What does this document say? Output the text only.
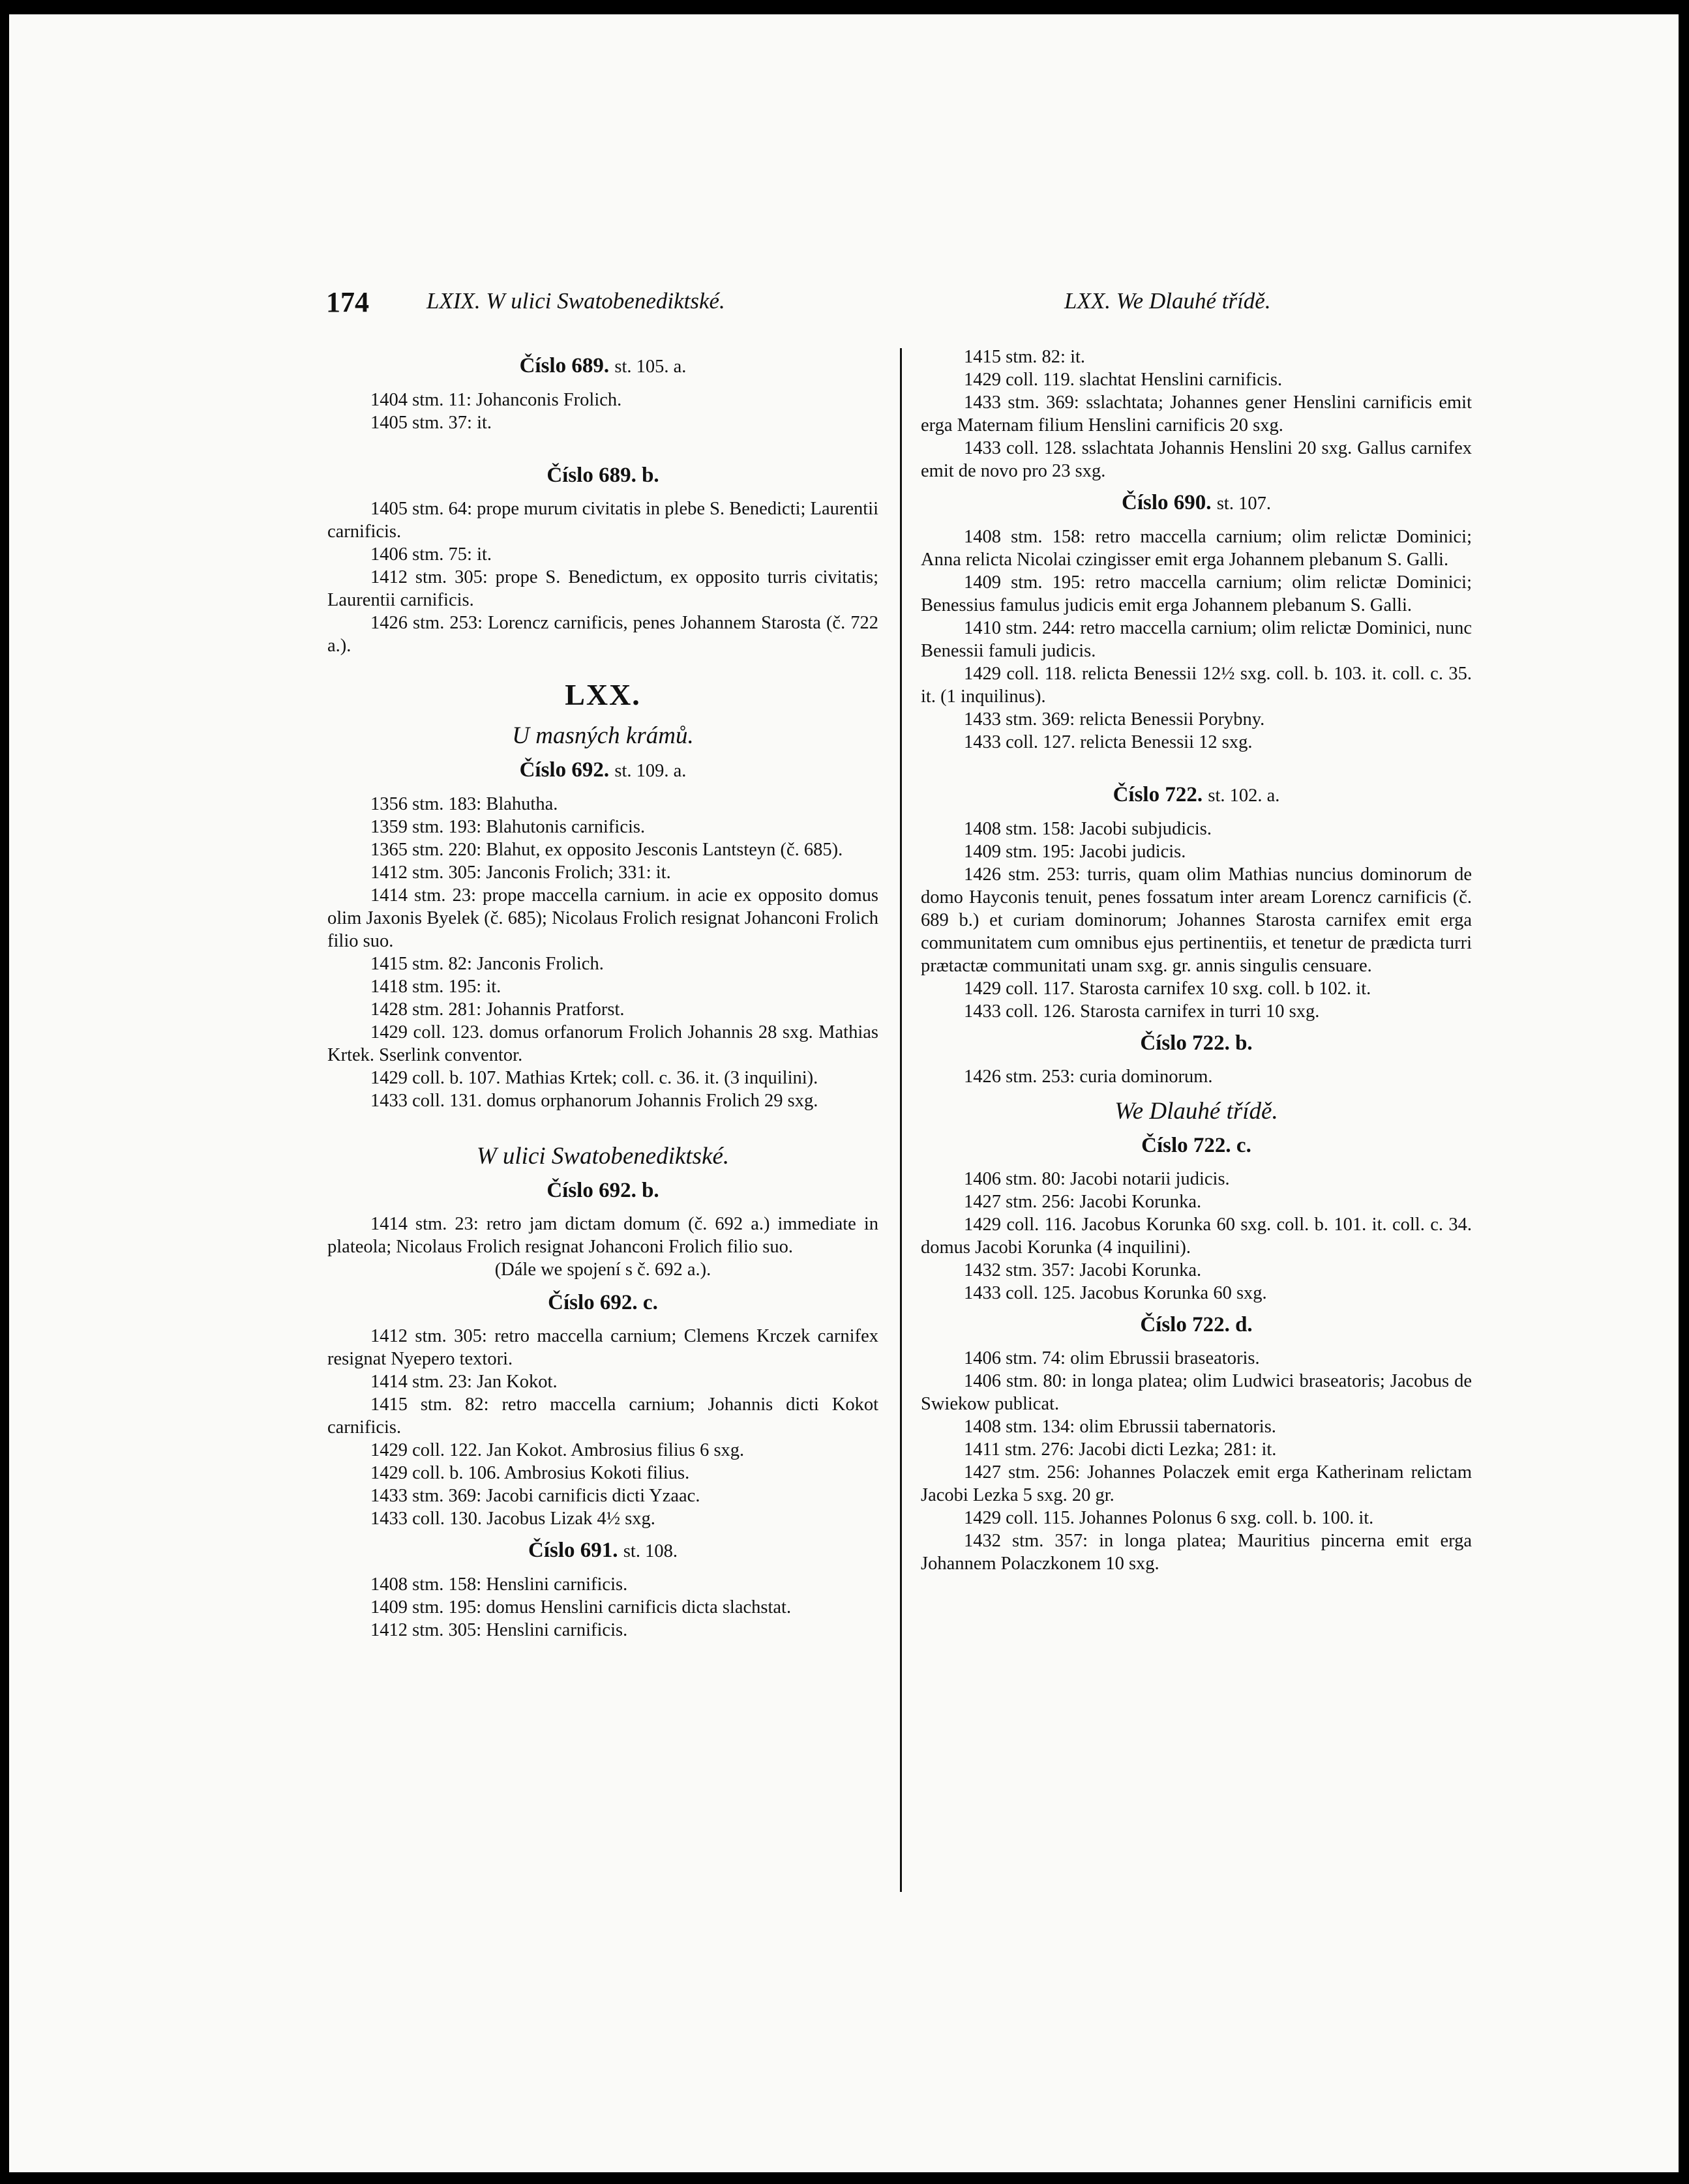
174	LXIX. W ulici Swatobenediktské.	LXX. We Dlauhé třídě.
Číslo 689. st. 105. a.

1404 stm. 11: Johanconis Frolich.

1405 stm. 37: it.

Číslo 689. b.

1405 stm. 64: prope murum civitatis in plebe S. Benedicti; Laurentii carnificis.

1406 stm. 75: it.

1412 stm. 305: prope S. Benedictum, ex opposito turris civitatis; Laurentii carnificis.

1426 stm. 253: Lorencz carnificis, penes Johannem Starosta (č. 722 a.).

LXX.
U masných krámů.
Číslo 692. st. 109. a.

1356 stm. 183: Blahutha.

1359 stm. 193: Blahutonis carnificis.

1365 stm. 220: Blahut, ex opposito Jesconis Lantsteyn (č. 685).

1412 stm. 305: Janconis Frolich; 331: it.

1414 stm. 23: prope maccella carnium. in acie ex opposito domus olim Jaxonis Byelek (č. 685); Nicolaus Frolich resignat Johanconi Frolich filio suo.

1415 stm. 82: Janconis Frolich.

1418 stm. 195: it.

1428 stm. 281: Johannis Pratforst.

1429 coll. 123. domus orfanorum Frolich Johannis 28 sxg. Mathias Krtek. Sserlink conventor.

1429 coll. b. 107. Mathias Krtek; coll. c. 36. it. (3 inquilini).

1433 coll. 131. domus orphanorum Johannis Frolich 29 sxg.

W ulici Swatobenediktské.
Číslo 692. b.

1414 stm. 23: retro jam dictam domum (č. 692 a.) immediate in plateola; Nicolaus Frolich resignat Johanconi Frolich filio suo.

(Dále we spojení s č. 692 a.).
Číslo 692. c.

1412 stm. 305: retro maccella carnium; Clemens Krczek carnifex resignat Nyepero textori.

1414 stm. 23: Jan Kokot.

1415 stm. 82: retro maccella carnium; Johannis dicti Kokot carnificis.

1429 coll. 122. Jan Kokot. Ambrosius filius 6 sxg.

1429 coll. b. 106. Ambrosius Kokoti filius.

1433 stm. 369: Jacobi carnificis dicti Yzaac.

1433 coll. 130. Jacobus Lizak 4½ sxg.

Číslo 691. st. 108.

1408 stm. 158: Henslini carnificis.

1409 stm. 195: domus Henslini carnificis dicta slachstat.

1412 stm. 305: Henslini carnificis.

1415 stm. 82: it.

1429 coll. 119. slachtat Henslini carnificis.

1433 stm. 369: sslachtata; Johannes gener Henslini carnificis emit erga Maternam filium Henslini carnificis 20 sxg.

1433 coll. 128. sslachtata Johannis Henslini 20 sxg. Gallus carnifex emit de novo pro 23 sxg.

Číslo 690. st. 107.

1408 stm. 158: retro maccella carnium; olim relictæ Dominici; Anna relicta Nicolai czingisser emit erga Johannem plebanum S. Galli.

1409 stm. 195: retro maccella carnium; olim relictæ Dominici; Benessius famulus judicis emit erga Johannem plebanum S. Galli.

1410 stm. 244: retro maccella carnium; olim relictæ Dominici, nunc Benessii famuli judicis.

1429 coll. 118. relicta Benessii 12½ sxg. coll. b. 103. it. coll. c. 35. it. (1 inquilinus).

1433 stm. 369: relicta Benessii Porybny.

1433 coll. 127. relicta Benessii 12 sxg.

Číslo 722. st. 102. a.

1408 stm. 158: Jacobi subjudicis.

1409 stm. 195: Jacobi judicis.

1426 stm. 253: turris, quam olim Mathias nuncius dominorum de domo Hayconis tenuit, penes fossatum inter aream Lorencz carnificis (č. 689 b.) et curiam dominorum; Johannes Starosta carnifex emit erga communitatem cum omnibus ejus pertinentiis, et tenetur de prædicta turri prætactæ communitati unam sxg. gr. annis singulis censuare.

1429 coll. 117. Starosta carnifex 10 sxg. coll. b 102. it.

1433 coll. 126. Starosta carnifex in turri 10 sxg.

Číslo 722. b.

1426 stm. 253: curia dominorum.

We Dlauhé třídě.
Číslo 722. c.

1406 stm. 80: Jacobi notarii judicis.

1427 stm. 256: Jacobi Korunka.

1429 coll. 116. Jacobus Korunka 60 sxg. coll. b. 101. it. coll. c. 34. domus Jacobi Korunka (4 inquilini).

1432 stm. 357: Jacobi Korunka.

1433 coll. 125. Jacobus Korunka 60 sxg.

Číslo 722. d.

1406 stm. 74: olim Ebrussii braseatoris.

1406 stm. 80: in longa platea; olim Ludwici braseatoris; Jacobus de Swiekow publicat.

1408 stm. 134: olim Ebrussii tabernatoris.

1411 stm. 276: Jacobi dicti Lezka; 281: it.

1427 stm. 256: Johannes Polaczek emit erga Katherinam relictam Jacobi Lezka 5 sxg. 20 gr.

1429 coll. 115. Johannes Polonus 6 sxg. coll. b. 100. it.

1432 stm. 357: in longa platea; Mauritius pincerna emit erga Johannem Polaczkonem 10 sxg.
